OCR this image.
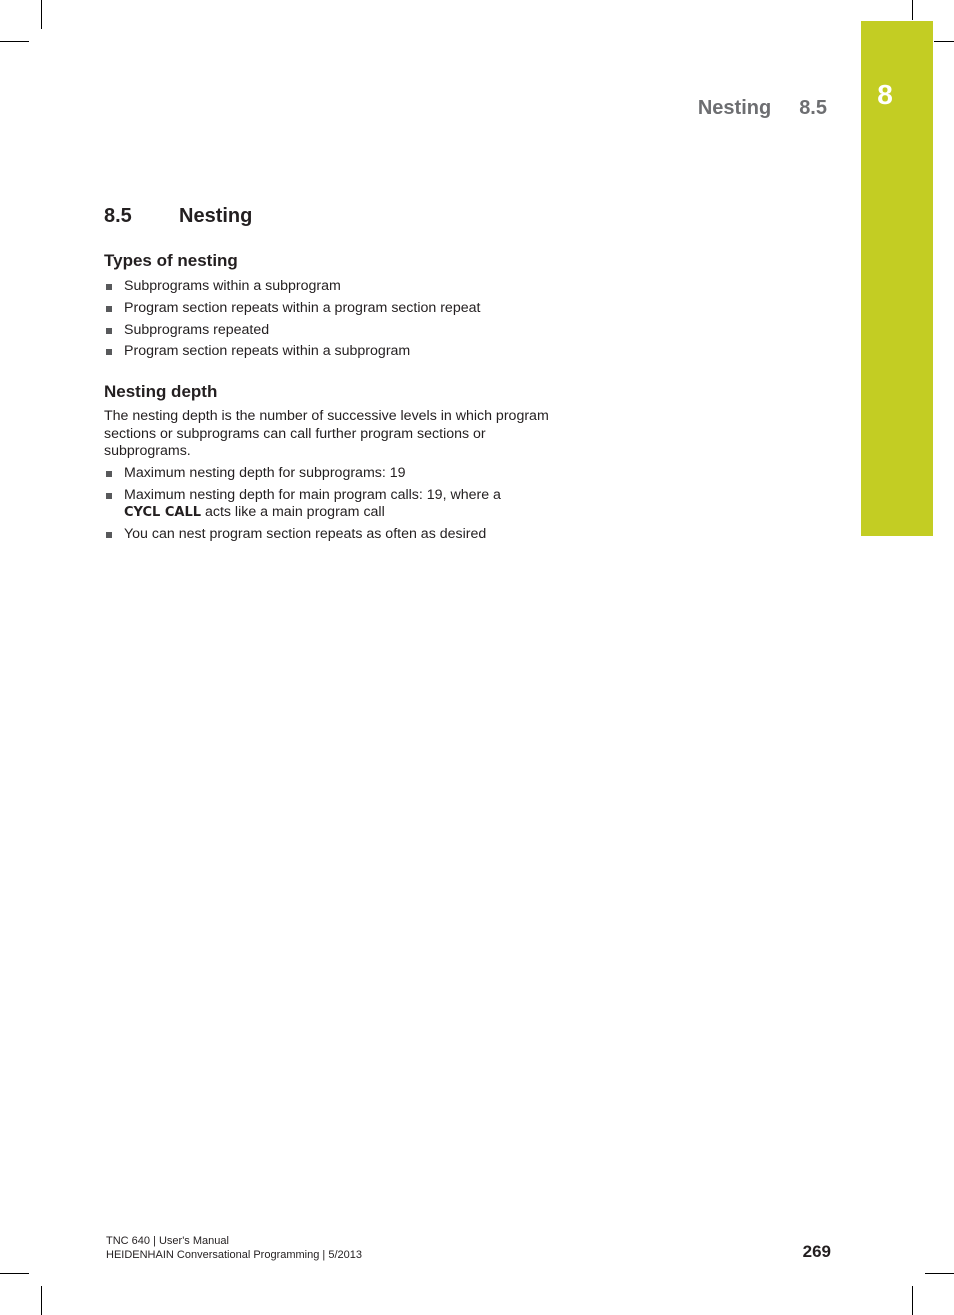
8
Nesting 8.5
8.5 Nesting
Types of nesting
Subprograms within a subprogram
Program section repeats within a program section repeat
Subprograms repeated
Program section repeats within a subprogram
Nesting depth
The nesting depth is the number of successive levels in which program sections or subprograms can call further program sections or subprograms.
Maximum nesting depth for subprograms: 19
Maximum nesting depth for main program calls: 19, where a
CYCL CALL acts like a main program call
You can nest program section repeats as often as desired
TNC 640 | User's Manual
HEIDENHAIN Conversational Programming | 5/2013	269
